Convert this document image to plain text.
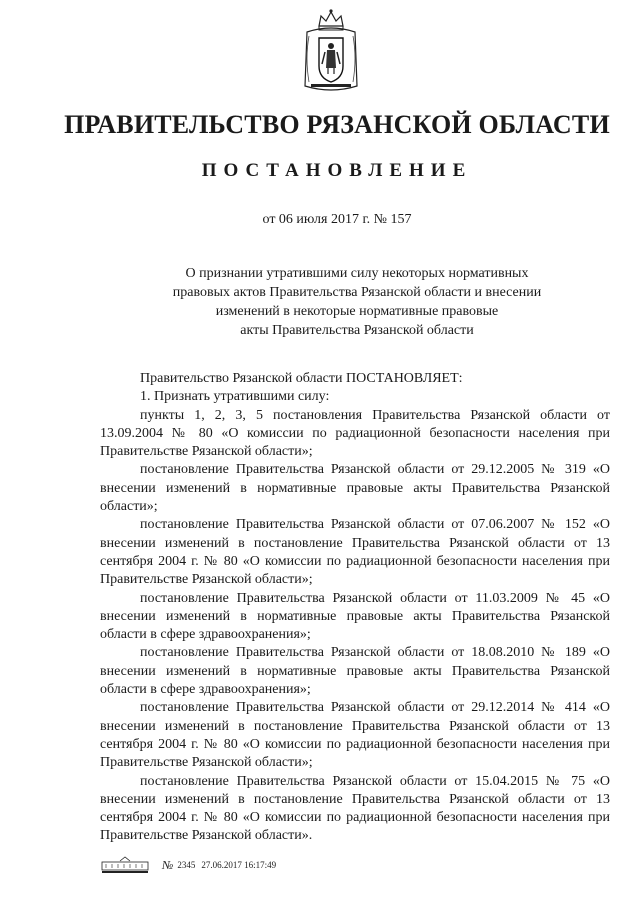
ПРАВИТЕЛЬСТВО РЯЗАНСКОЙ ОБЛАСТИ
ПОСТАНОВЛЕНИЕ
от 06 июля 2017 г. № 157
О признании утратившими силу некоторых нормативных
правовых актов Правительства Рязанской области и внесении
изменений в некоторые нормативные правовые
акты Правительства Рязанской области

Правительство Рязанской области ПОСТАНОВЛЯЕТ:

1. Признать утратившими силу:

пункты 1, 2, 3, 5 постановления Правительства Рязанской области от 13.09.2004 № 80 «О комиссии по радиационной безопасности населения при Правительстве Рязанской области»;

постановление Правительства Рязанской области от 29.12.2005 № 319 «О внесении изменений в нормативные правовые акты Правительства Рязанской области»;

постановление Правительства Рязанской области от 07.06.2007 № 152 «О внесении изменений в постановление Правительства Рязанской области от 13 сентября 2004 г. № 80 «О комиссии по радиационной безопасности населения при Правительстве Рязанской области»;

постановление Правительства Рязанской области от 11.03.2009 № 45 «О внесении изменений в нормативные правовые акты Правительства Рязанской области в сфере здравоохранения»;

постановление Правительства Рязанской области от 18.08.2010 № 189 «О внесении изменений в нормативные правовые акты Правительства Рязанской области в сфере здравоохранения»;

постановление Правительства Рязанской области от 29.12.2014 № 414 «О внесении изменений в постановление Правительства Рязанской области от 13 сентября 2004 г. № 80 «О комиссии по радиационной безопасности населения при Правительстве Рязанской области»;

постановление Правительства Рязанской области от 15.04.2015 № 75 «О внесении изменений в постановление Правительства Рязанской области от 13 сентября 2004 г. № 80 «О комиссии по радиационной безопасности населения при Правительстве Рязанской области».

№ 2345 27.06.2017 16:17:49
